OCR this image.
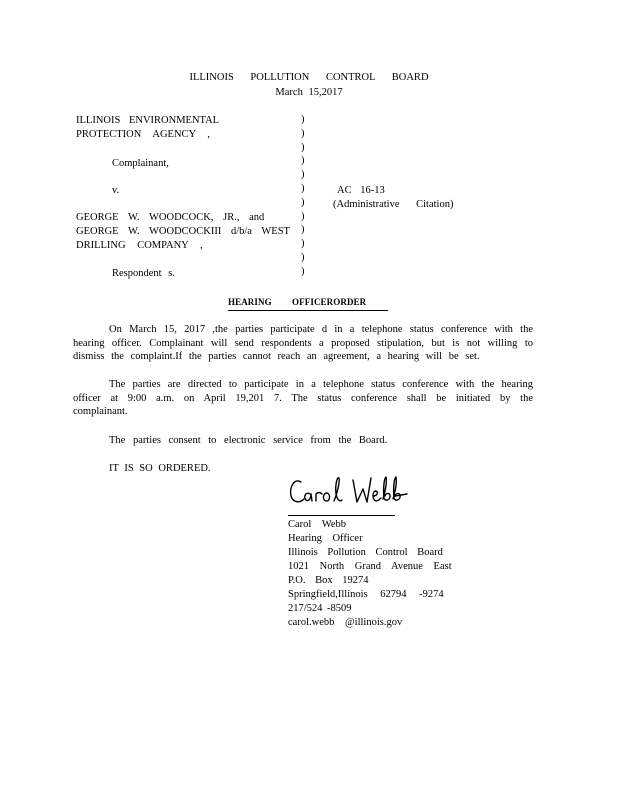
ILLINOIS POLLUTION CONTROL BOARD
March 15,2017
ILLINOIS ENVIRONMENTAL
PROTECTION AGENCY ,
Complainant,
v.
GEORGE W. WOODCOCK, JR., and
GEORGE W. WOODCOCKIII d/b/a WEST
DRILLING COMPANY ,
Respondent s.
)
)
)
)
)
)
)
)
)
)
)
)
AC 16-13
(Administrative Citation)
HEARING OFFICERORDER
On March 15, 2017 ,the parties participate d in a telephone status conference with the hearing officer. Complainant will send respondents a proposed stipulation, but is not willing to dismiss the complaint.If the parties cannot reach an agreement, a hearing will be set.
The parties are directed to participate in a telephone status conference with the hearing officer at 9:00 a.m. on April 19,201 7. The status conference shall be initiated by the complainant.
The parties consent to electronic service from the Board.
IT IS SO ORDERED.
Carol Webb
Hearing Officer
Illinois Pollution Control Board
1021 North Grand Avenue East
P.O. Box 19274
Springfield,Illinois 62794 -9274
217/524 -8509
carol.webb @illinois.gov
